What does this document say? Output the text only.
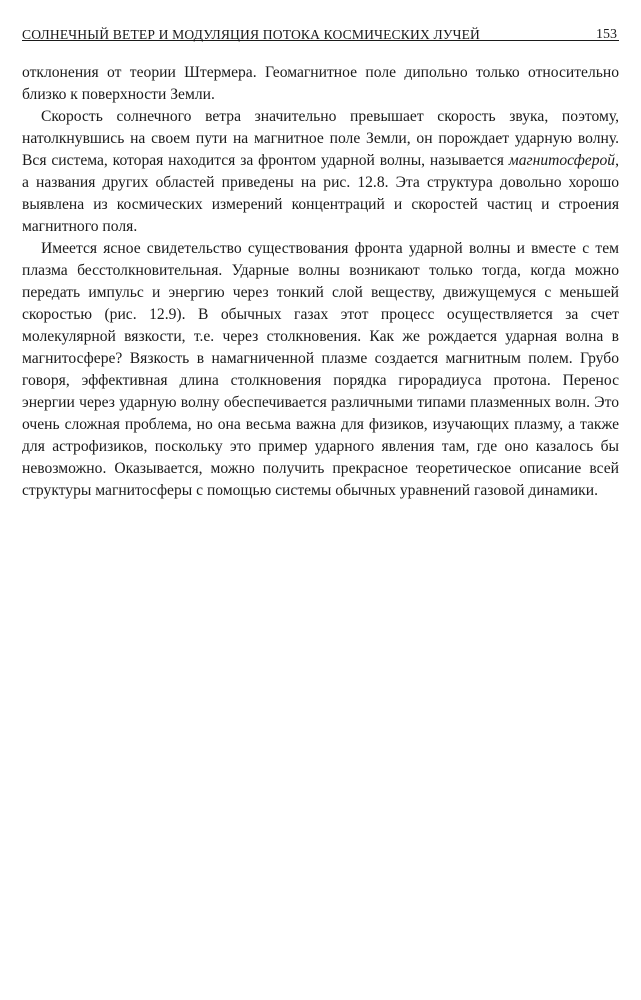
СОЛНЕЧНЫЙ ВЕТЕР И МОДУЛЯЦИЯ ПОТОКА КОСМИЧЕСКИХ ЛУЧЕЙ	153

отклонения от теории Штермера. Геомагнитное поле дипольно только относительно близко к поверхности Земли.

Скорость солнечного ветра значительно превышает скорость звука, поэтому, натолкнувшись на своем пути на магнитное поле Земли, он порождает ударную волну. Вся система, которая находится за фронтом ударной волны, называется магнитосферой, а названия других областей приведены на рис. 12.8. Эта структура довольно хорошо выявлена из космических измерений концентраций и скоростей частиц и строения магнитного поля.

Имеется ясное свидетельство существования фронта ударной волны и вместе с тем плазма бесстолкновительная. Ударные волны возникают только тогда, когда можно передать импульс и энергию через тонкий слой веществу, движущемуся с меньшей скоростью (рис. 12.9). В обычных газах этот процесс осуществляется за счет молекулярной вязкости, т.е. через столкновения. Как же рождается ударная волна в магнитосфере? Вязкость в намагниченной плазме создается магнитным полем. Грубо говоря, эффективная длина столкновения порядка гирорадиуса протона. Перенос энергии через ударную волну обеспечивается различными типами плазменных волн. Это очень сложная проблема, но она весьма важна для физиков, изучающих плазму, а также для астрофизиков, поскольку это пример ударного явления там, где оно казалось бы невозможно. Оказывается, можно получить прекрасное теоретическое описание всей структуры магнитосферы с помощью системы обычных уравнений газовой динамики.
